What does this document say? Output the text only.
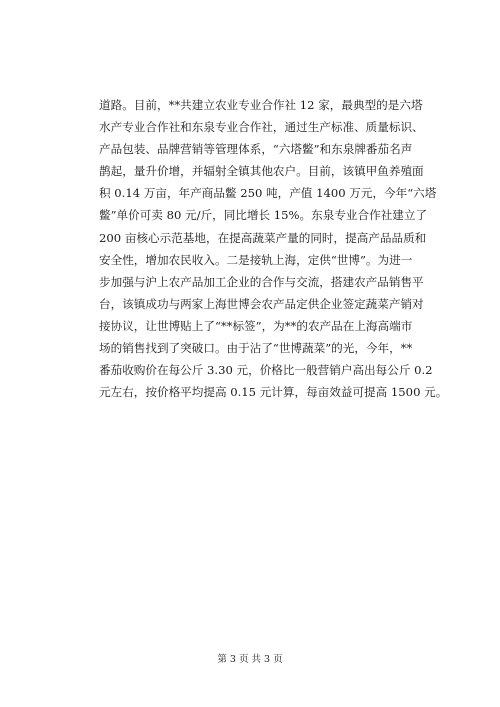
道路。目前，**共建立农业专业合作社 12 家，最典型的是六塔
水产专业合作社和东泉专业合作社，通过生产标准、质量标识、
产品包装、品牌营销等管理体系，“六塔鳖”和东泉牌番茄名声
鹊起，量升价增，并辐射全镇其他农户。目前，该镇甲鱼养殖面
积 0.14 万亩，年产商品鳖 250 吨，产值 1400 万元，今年“六塔
鳖”单价可卖 80 元/斤，同比增长 15%。东泉专业合作社建立了
200 亩核心示范基地，在提高蔬菜产量的同时，提高产品品质和
安全性，增加农民收入。二是接轨上海，定供“世博”。为进一
步加强与沪上农产品加工企业的合作与交流，搭建农产品销售平
台，该镇成功与两家上海世博会农产品定供企业签定蔬菜产销对
接协议，让世博贴上了“**标签”，为**的农产品在上海高端市
场的销售找到了突破口。由于沾了“世博蔬菜”的光，今年，**
番茄收购价在每公斤 3.30 元，价格比一般营销户高出每公斤 0.2
元左右，按价格平均提高 0.15 元计算，每亩效益可提高 1500 元。
第 3 页 共 3 页
